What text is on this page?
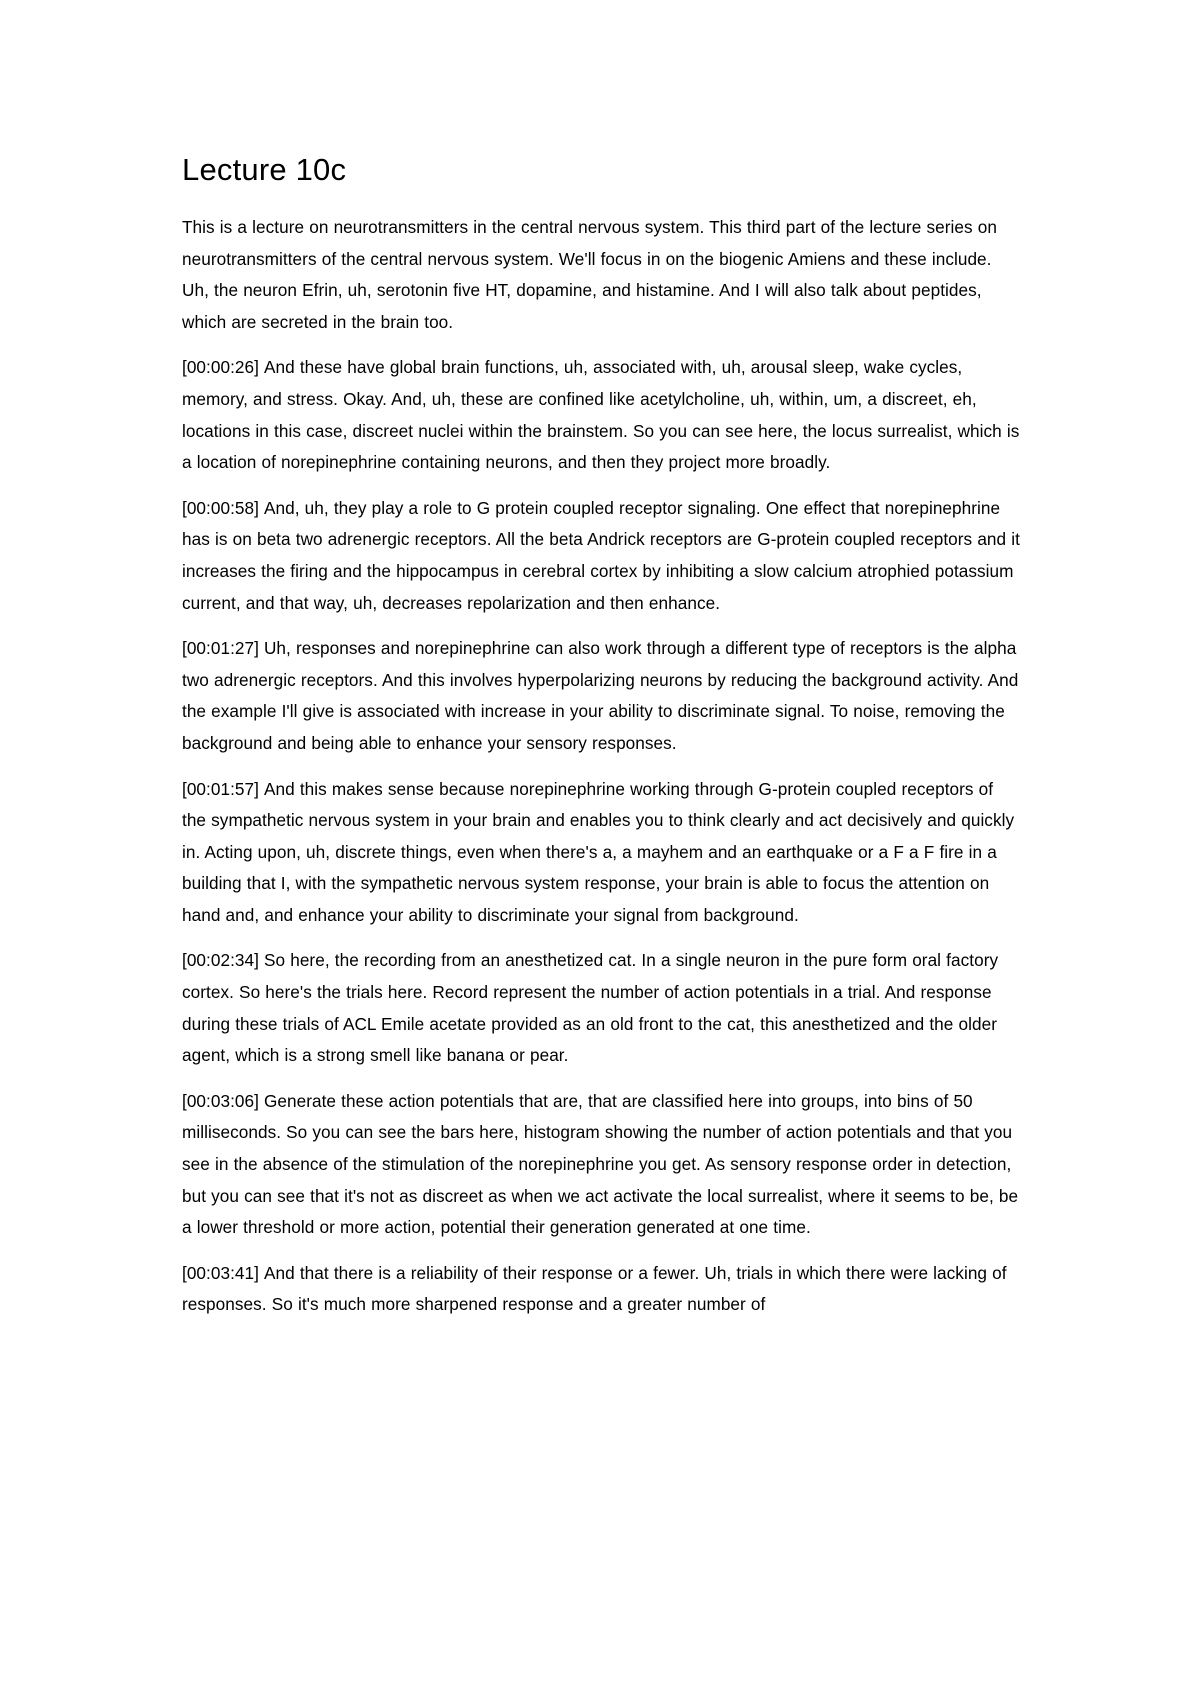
Lecture 10c

This is a lecture on neurotransmitters in the central nervous system. This third part of the lecture series on neurotransmitters of the central nervous system. We'll focus in on the biogenic Amiens and these include. Uh, the neuron Efrin, uh, serotonin five HT, dopamine, and histamine. And I will also talk about peptides, which are secreted in the brain too.

[00:00:26] And these have global brain functions, uh, associated with, uh, arousal sleep, wake cycles, memory, and stress. Okay. And, uh, these are confined like acetylcholine, uh, within, um, a discreet, eh, locations in this case, discreet nuclei within the brainstem. So you can see here, the locus surrealist, which is a location of norepinephrine containing neurons, and then they project more broadly.

[00:00:58] And, uh, they play a role to G protein coupled receptor signaling. One effect that norepinephrine has is on beta two adrenergic receptors. All the beta Andrick receptors are G-protein coupled receptors and it increases the firing and the hippocampus in cerebral cortex by inhibiting a slow calcium atrophied potassium current, and that way, uh, decreases repolarization and then enhance.

[00:01:27] Uh, responses and norepinephrine can also work through a different type of receptors is the alpha two adrenergic receptors. And this involves hyperpolarizing neurons by reducing the background activity. And the example I'll give is associated with increase in your ability to discriminate signal. To noise, removing the background and being able to enhance your sensory responses.

[00:01:57] And this makes sense because norepinephrine working through G-protein coupled receptors of the sympathetic nervous system in your brain and enables you to think clearly and act decisively and quickly in. Acting upon, uh, discrete things, even when there's a, a mayhem and an earthquake or a F a F fire in a building that I, with the sympathetic nervous system response, your brain is able to focus the attention on hand and, and enhance your ability to discriminate your signal from background.

[00:02:34] So here, the recording from an anesthetized cat. In a single neuron in the pure form oral factory cortex. So here's the trials here. Record represent the number of action potentials in a trial. And response during these trials of ACL Emile acetate provided as an old front to the cat, this anesthetized and the older agent, which is a strong smell like banana or pear.

[00:03:06] Generate these action potentials that are, that are classified here into groups, into bins of 50 milliseconds. So you can see the bars here, histogram showing the number of action potentials and that you see in the absence of the stimulation of the norepinephrine you get. As sensory response order in detection, but you can see that it's not as discreet as when we act activate the local surrealist, where it seems to be, be a lower threshold or more action, potential their generation generated at one time.

[00:03:41] And that there is a reliability of their response or a fewer. Uh, trials in which there were lacking of responses. So it's much more sharpened response and a greater number of
